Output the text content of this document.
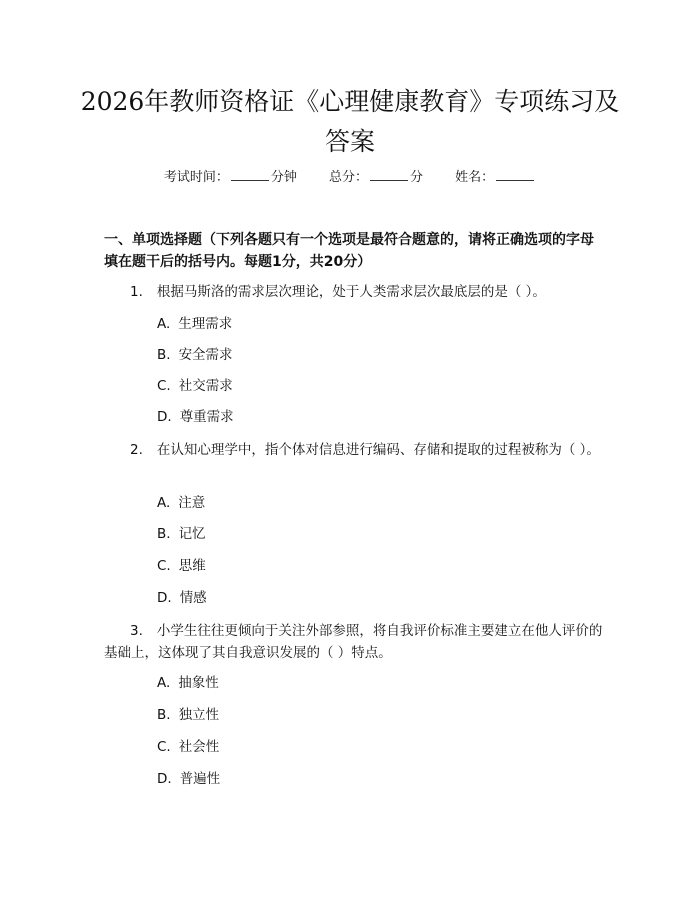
2026年教师资格证《心理健康教育》专项练习及答案
考试时间：	分钟 总分：	分 姓名：

一、单项选择题（下列各题只有一个选项是最符合题意的，请将正确选项的字母填在题干后的括号内。每题1分，共20分）

1. 根据马斯洛的需求层次理论，处于人类需求层次最底层的是（ ）。

A. 生理需求
B. 安全需求
C. 社交需求
D. 尊重需求

2. 在认知心理学中，指个体对信息进行编码、存储和提取的过程被称为（ ）。

A. 注意
B. 记忆
C. 思维
D. 情感

3. 小学生往往更倾向于关注外部参照，将自我评价标准主要建立在他人评价的基础上，这体现了其自我意识发展的（ ）特点。

A. 抽象性
B. 独立性
C. 社会性
D. 普遍性
